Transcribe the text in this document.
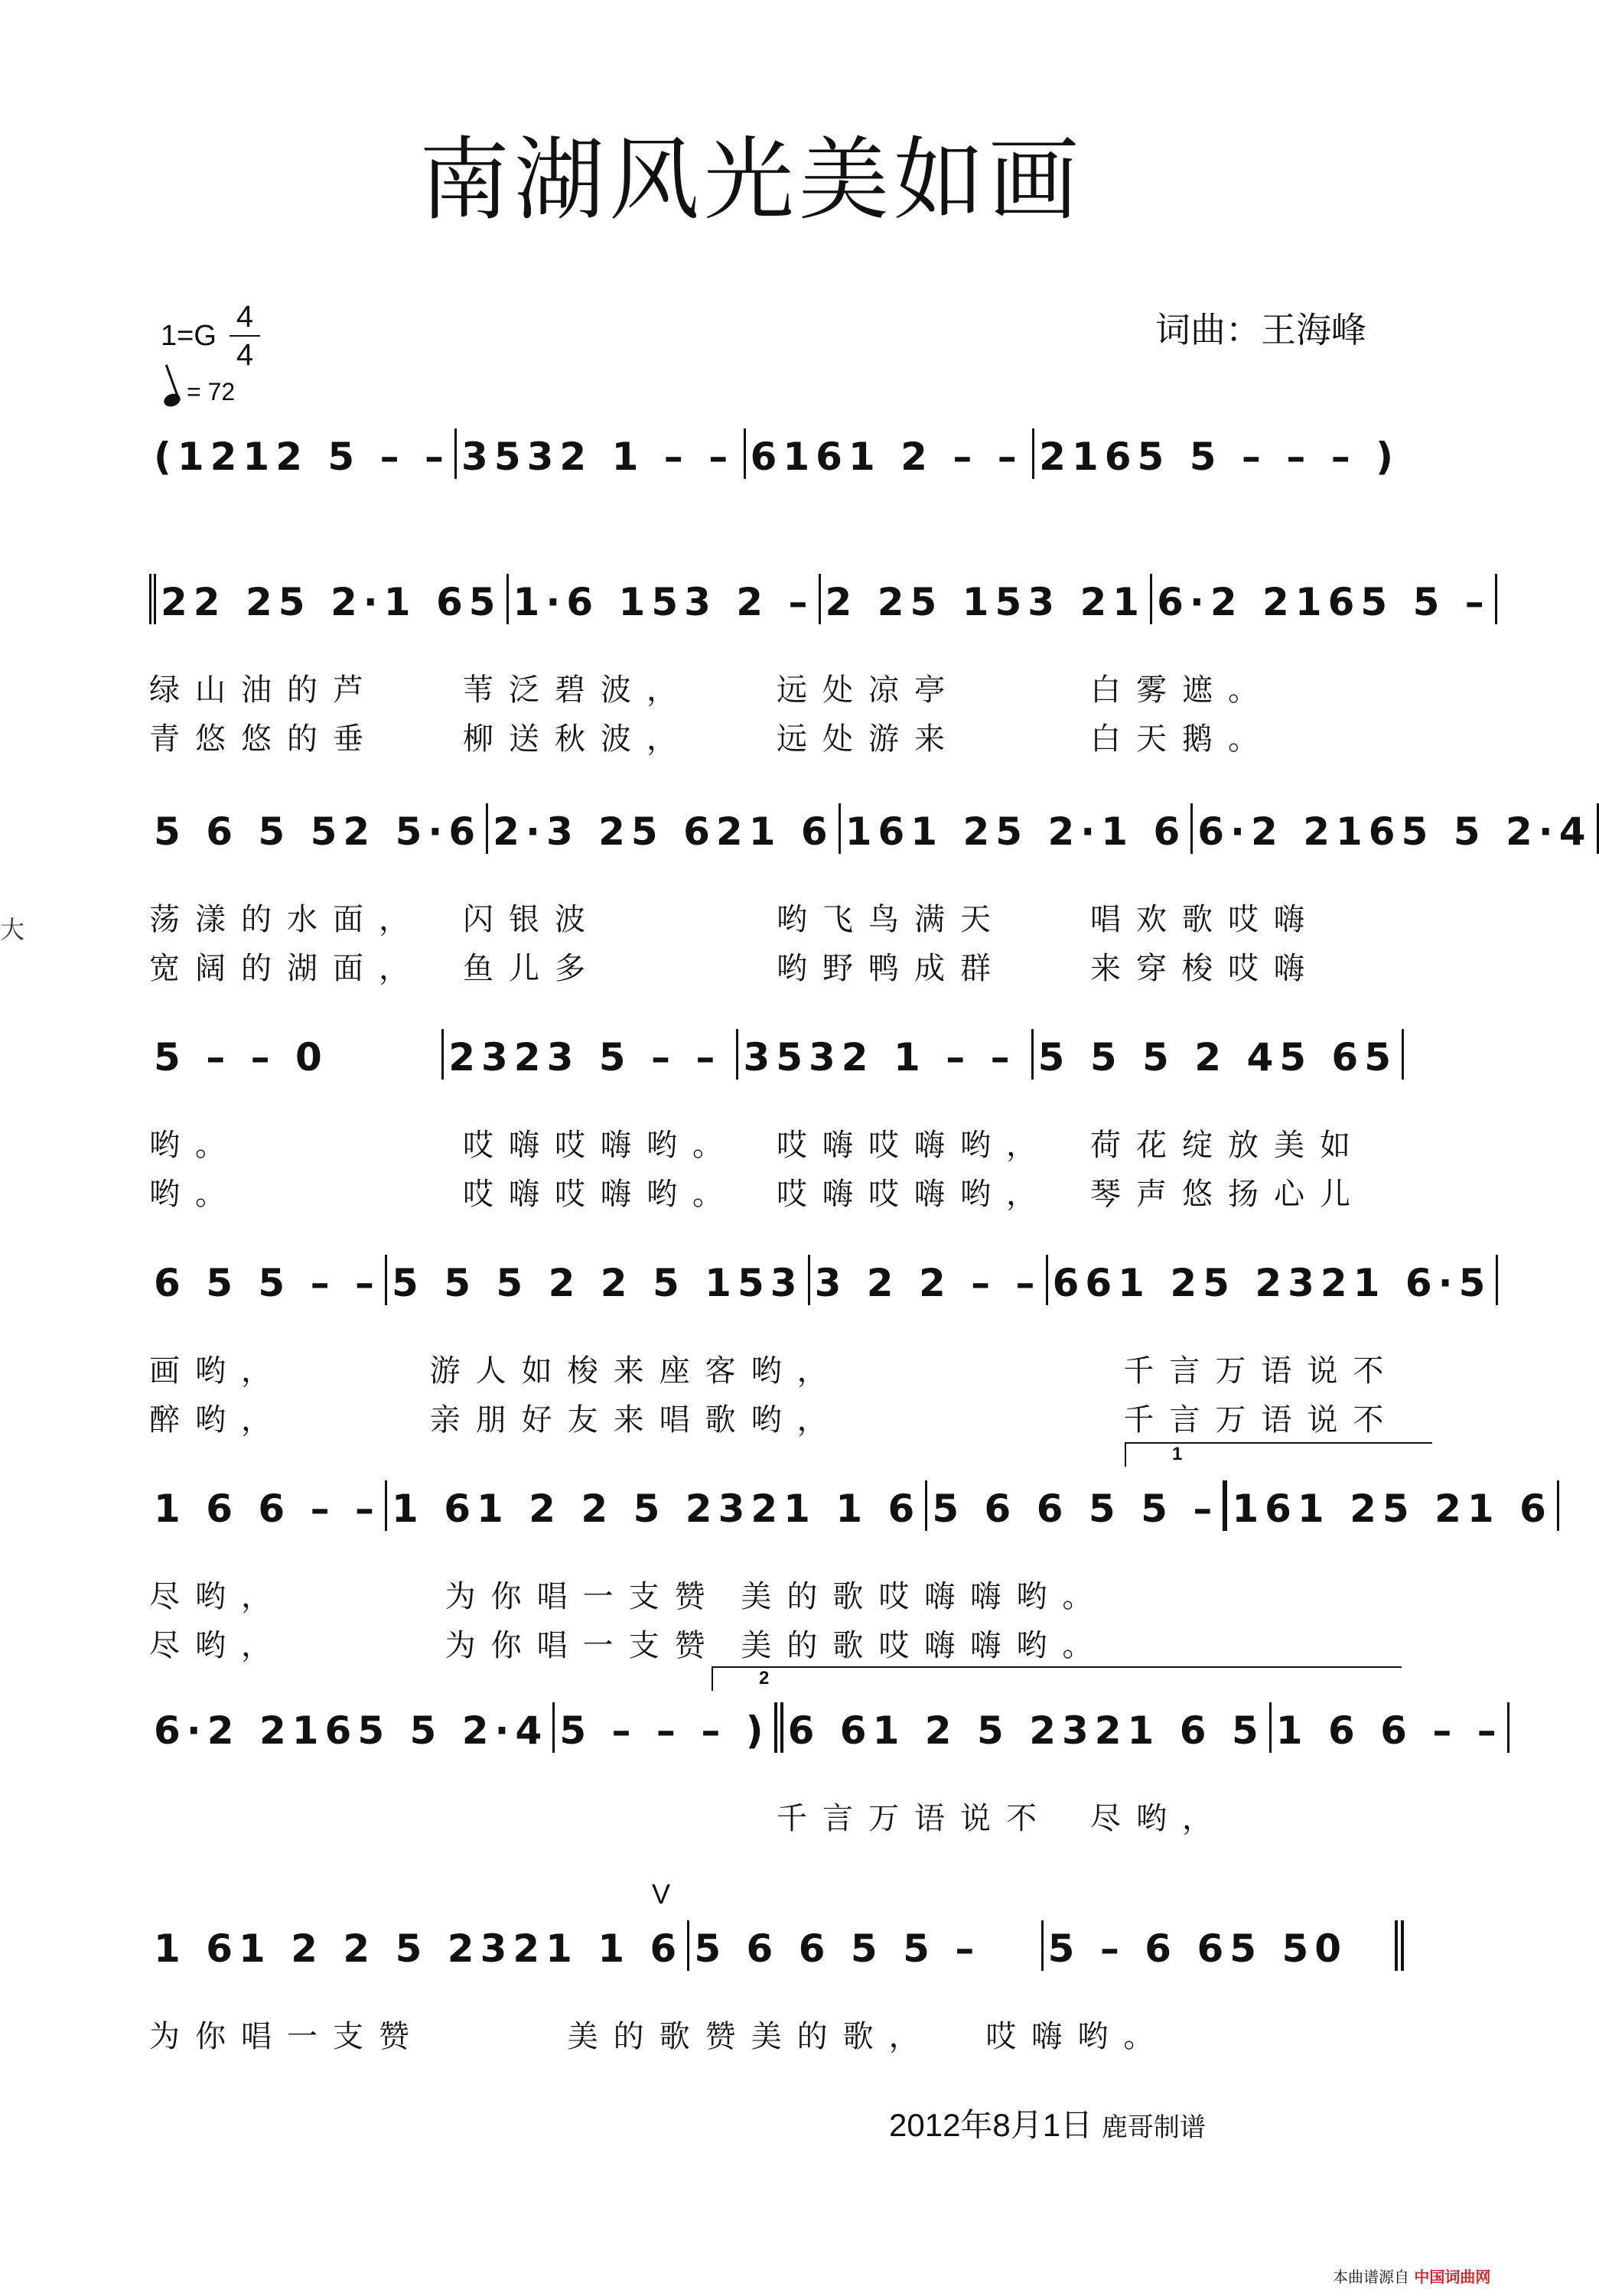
南湖风光美如画
词曲：王海峰
1=G
4
4
= 72
大
(1212 5 – – 3532 1 – – 6161 2 – – 2165 5 – – – )
22 25 2·1 65 1·6 153 2 – 2 25 153 21 6·2 2165 5 –
绿山油的芦	苇泛碧波，	远处凉亭	白雾遮。
青悠悠的垂	柳送秋波，	远处游来	白天鹅。
5 6 5 52 5·6 2·3 25 621 6 161 25 2·1 6 6·2 2165 5 2·4
荡漾的水面，	闪银波	哟飞鸟满天	唱欢歌哎嗨
宽阔的湖面，	鱼儿多	哟野鸭成群	来穿梭哎嗨
5 – – 0	2323 5 – – 3532 1 – – 5 5 5 2 45 65
哟。	哎嗨哎嗨哟。	哎嗨哎嗨哟，	荷花绽放美如
哟。	哎嗨哎嗨哟。	哎嗨哎嗨哟，	琴声悠扬心儿
6 5 5 – – 5 5 5 2 2 5 153 3 2 2 – – 661 25 2321 6·5
画哟，	游人如梭来座客哟，	千言万语说不
醉哟，	亲朋好友来唱歌哟，	千言万语说不
1
1 6 6 – – 1 61 2 2 5 2321 1 6 5 6 6 5 5 – 161 25 21 6
尽哟，	为你唱一支赞 美的歌哎嗨嗨哟。
尽哟，	为你唱一支赞 美的歌哎嗨嗨哟。
2
6·2 2165 5 2·4 5 – – – ) 6 61 2 5 2321 6 5 1 6 6 – –
千言万语说不	尽哟，
V
1 61 2 2 5 2321 1 6 5 6 6 5 5 – 5 – 6 65 50
为你唱一支赞	美的歌赞美的歌，	哎嗨哟。
2012年8月1日 鹿哥制谱
本曲谱源自 中国词曲网
